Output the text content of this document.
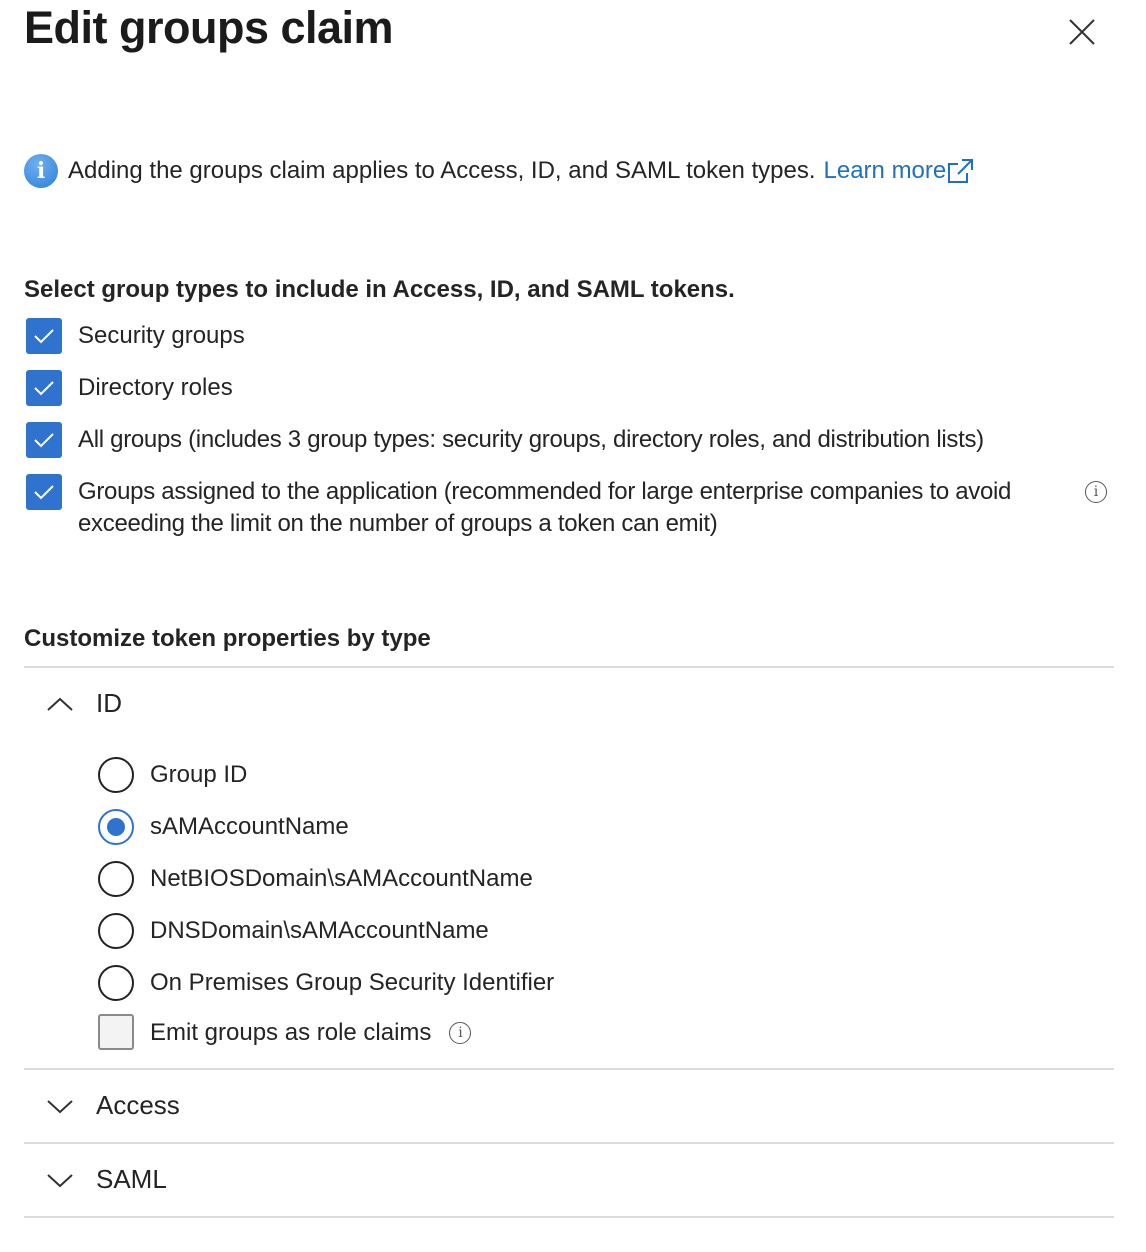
Edit groups claim
i Adding the groups claim applies to Access, ID, and SAML token types. Learn more
Select group types to include in Access, ID, and SAML tokens.
Security groups
Directory roles
All groups (includes 3 group types: security groups, directory roles, and distribution lists)
Groups assigned to the application (recommended for large enterprise companies to avoid exceeding the limit on the number of groups a token can emit)
i
Customize token properties by type
ID
Group ID
sAMAccountName
NetBIOSDomain\sAMAccountName
DNSDomain\sAMAccountName
On Premises Group Security Identifier
Emit groups as role claims	i
Access
SAML
